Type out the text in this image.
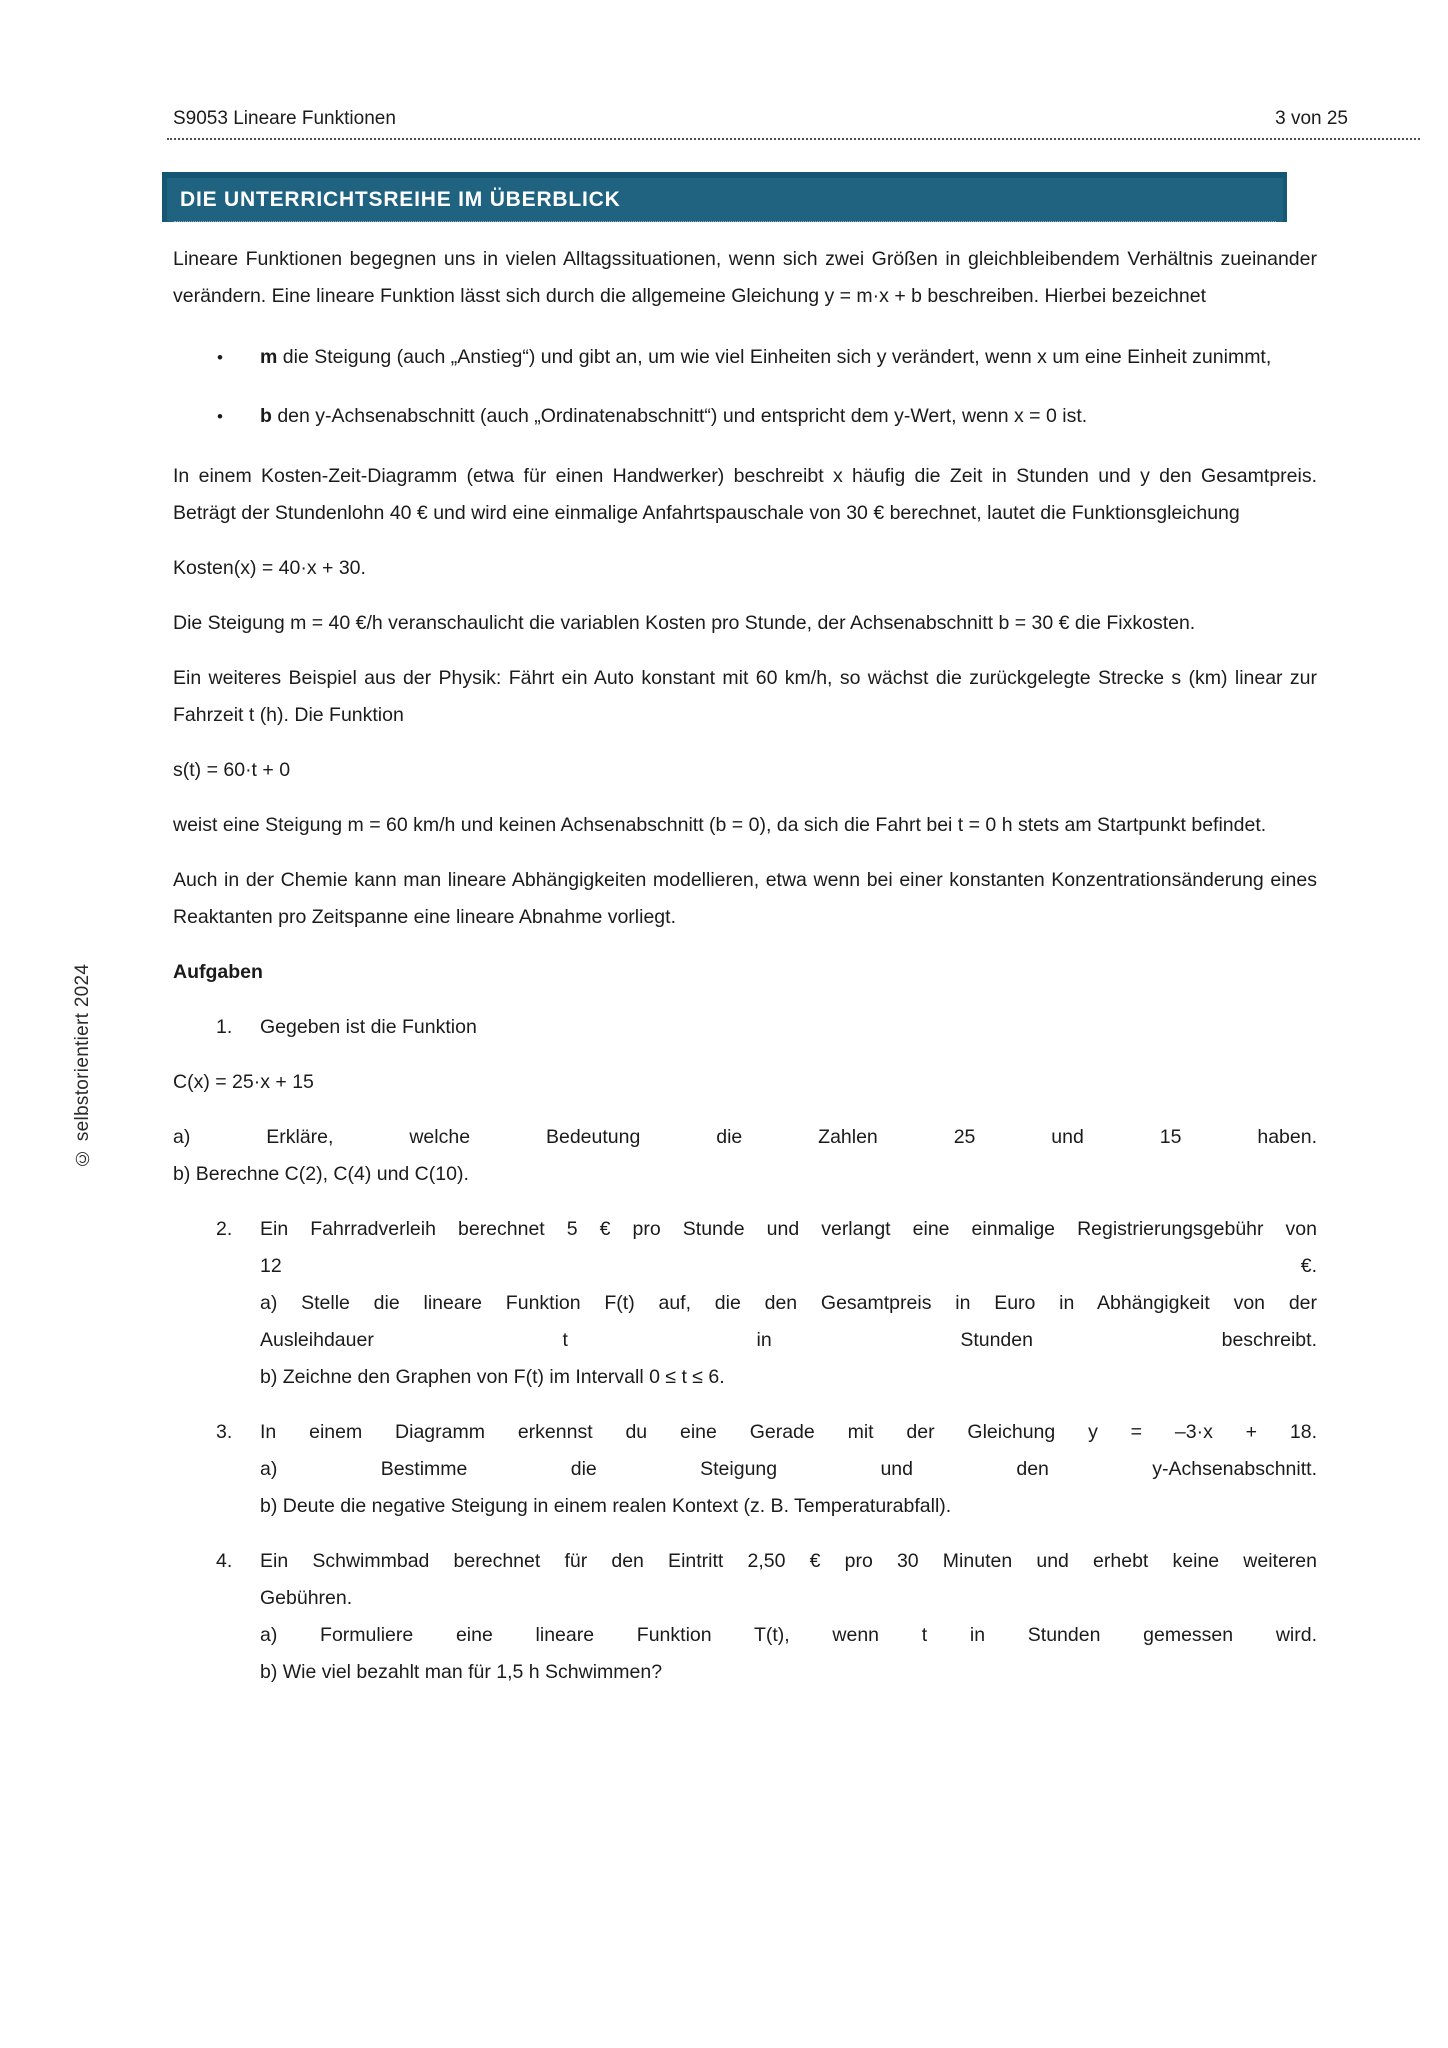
S9053 Lineare Funktionen	3 von 25
DIE UNTERRICHTSREIHE IM ÜBERBLICK
© selbstorientiert 2024

Lineare Funktionen begegnen uns in vielen Alltagssituationen, wenn sich zwei Größen in gleichbleibendem Verhältnis zueinander verändern. Eine lineare Funktion lässt sich durch die allgemeine Gleichung y = m·x + b beschreiben. Hierbei bezeichnet

• m die Steigung (auch „Anstieg“) und gibt an, um wie viel Einheiten sich y verändert, wenn x um eine Einheit zunimmt,
• b den y-Achsenabschnitt (auch „Ordinatenabschnitt“) und entspricht dem y-Wert, wenn x = 0 ist.

In einem Kosten-Zeit-Diagramm (etwa für einen Handwerker) beschreibt x häufig die Zeit in Stunden und y den Gesamtpreis. Beträgt der Stundenlohn 40 € und wird eine einmalige Anfahrtspauschale von 30 € berechnet, lautet die Funktionsgleichung

Kosten(x) = 40·x + 30.

Die Steigung m = 40 €/h veranschaulicht die variablen Kosten pro Stunde, der Achsenabschnitt b = 30 € die Fixkosten.

Ein weiteres Beispiel aus der Physik: Fährt ein Auto konstant mit 60 km/h, so wächst die zurückgelegte Strecke s (km) linear zur Fahrzeit t (h). Die Funktion

s(t) = 60·t + 0

weist eine Steigung m = 60 km/h und keinen Achsenabschnitt (b = 0), da sich die Fahrt bei t = 0 h stets am Startpunkt befindet.

Auch in der Chemie kann man lineare Abhängigkeiten modellieren, etwa wenn bei einer konstanten Konzentrationsänderung eines Reaktanten pro Zeitspanne eine lineare Abnahme vorliegt.

Aufgaben

1. Gegeben ist die Funktion

C(x) = 25·x + 15

a) Erkläre, welche Bedeutung die Zahlen 25 und 15 haben.
b) Berechne C(2), C(4) und C(10).
2. Ein Fahrradverleih berechnet 5 € pro Stunde und verlangt eine einmalige Registrierungsgebühr von
12 €.
a) Stelle die lineare Funktion F(t) auf, die den Gesamtpreis in Euro in Abhängigkeit von der
Ausleihdauer t in Stunden beschreibt.
b) Zeichne den Graphen von F(t) im Intervall 0 ≤ t ≤ 6.
3. In einem Diagramm erkennst du eine Gerade mit der Gleichung y = –3·x + 18.
a) Bestimme die Steigung und den y-Achsenabschnitt.
b) Deute die negative Steigung in einem realen Kontext (z. B. Temperaturabfall).
4. Ein Schwimmbad berechnet für den Eintritt 2,50 € pro 30 Minuten und erhebt keine weiteren
Gebühren.
a) Formuliere eine lineare Funktion T(t), wenn t in Stunden gemessen wird.
b) Wie viel bezahlt man für 1,5 h Schwimmen?
